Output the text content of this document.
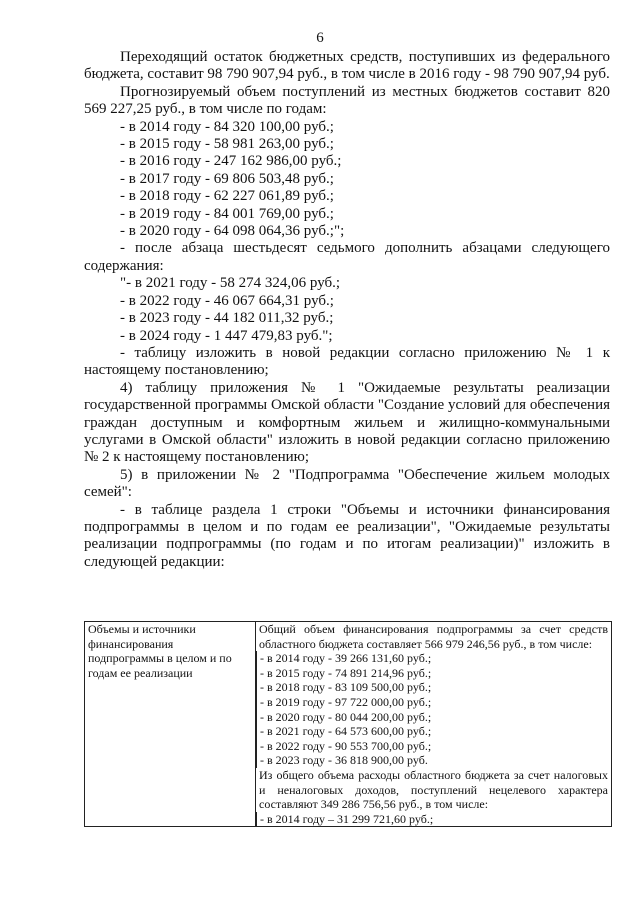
6

Переходящий остаток бюджетных средств, поступивших из федерального бюджета, составит 98 790 907,94 руб., в том числе в 2016 году - 98 790 907,94 руб.

Прогнозируемый объем поступлений из местных бюджетов составит 820 569 227,25 руб., в том числе по годам:

- в 2014 году - 84 320 100,00 руб.;

- в 2015 году - 58 981 263,00 руб.;

- в 2016 году - 247 162 986,00 руб.;

- в 2017 году - 69 806 503,48 руб.;

- в 2018 году - 62 227 061,89 руб.;

- в 2019 году - 84 001 769,00 руб.;

- в 2020 году - 64 098 064,36 руб.;";

- после абзаца шестьдесят седьмого дополнить абзацами следующего содержания:

"- в 2021 году - 58 274 324,06 руб.;

- в 2022 году - 46 067 664,31 руб.;

- в 2023 году - 44 182 011,32 руб.;

- в 2024 году - 1 447 479,83 руб.";

- таблицу изложить в новой редакции согласно приложению № 1 к настоящему постановлению;

4) таблицу приложения № 1 "Ожидаемые результаты реализации государственной программы Омской области "Создание условий для обеспечения граждан доступным и комфортным жильем и жилищно-коммунальными услугами в Омской области" изложить в новой редакции согласно приложению № 2 к настоящему постановлению;

5) в приложении № 2 "Подпрограмма "Обеспечение жильем молодых семей":

- в таблице раздела 1 строки "Объемы и источники финансирования подпрограммы в целом и по годам ее реализации", "Ожидаемые результаты реализации подпрограммы (по годам и по итогам реализации)" изложить в следующей редакции:

Объемы и источники финансирования подпрограммы в целом и по годам ее реализации	
Общий объем финансирования подпрограммы за счет средств областного бюджета составляет 566 979 246,56 руб., в том числе:
- в 2014 году - 39 266 131,60 руб.;
- в 2015 году - 74 891 214,96 руб.;
- в 2018 году - 83 109 500,00 руб.;
- в 2019 году - 97 722 000,00 руб.;
- в 2020 году - 80 044 200,00 руб.;
- в 2021 году - 64 573 600,00 руб.;
- в 2022 году - 90 553 700,00 руб.;
- в 2023 году - 36 818 900,00 руб.
Из общего объема расходы областного бюджета за счет налоговых и неналоговых доходов, поступлений нецелевого характера составляют 349 286 756,56 руб., в том числе:
- в 2014 году – 31 299 721,60 руб.;
